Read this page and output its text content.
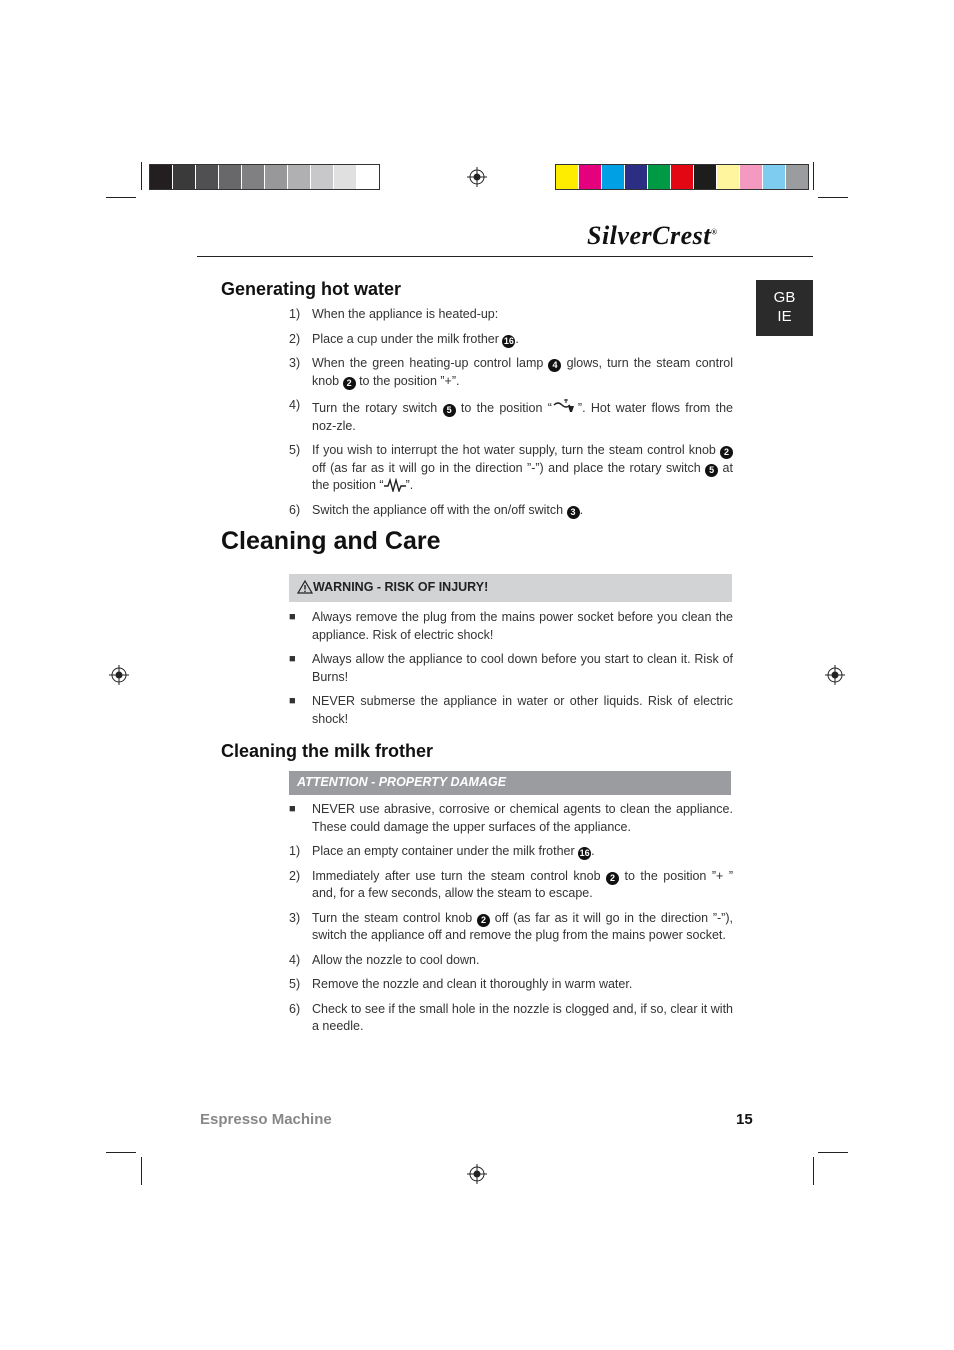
SilverCrest®
GB
IE
Generating hot water
1) When the appliance is heated-up:
2) Place a cup under the milk frother 16 .
3) When the green heating-up control lamp 4 glows, turn the steam control knob 2 to the position ”+”.
4) Turn the rotary switch 5 to the position “ ”. Hot water flows from the noz-zle.
5) If you wish to interrupt the hot water supply, turn the steam control knob 2 off (as far as it will go in the direction ”-”) and place the rotary switch 5 at the position “ ”.
6) Switch the appliance off with the on/off switch 3 .
Cleaning and Care
WARNING - RISK OF INJURY!
■	Always remove the plug from the mains power socket before you clean the appliance. Risk of electric shock!
■	Always allow the appliance to cool down before you start to clean it. Risk of Burns!
■	NEVER submerse the appliance in water or other liquids. Risk of electric shock!
Cleaning the milk frother
ATTENTION - PROPERTY DAMAGE
■	NEVER use abrasive, corrosive or chemical agents to clean the appliance. These could damage the upper surfaces of the appliance.
1) Place an empty container under the milk frother 16 .
2) Immediately after use turn the steam control knob 2 to the position ”+ ” and, for a few seconds, allow the steam to escape.
3) Turn the steam control knob 2 off (as far as it will go in the direction ”-”), switch the appliance off and remove the plug from the mains power socket.
4) Allow the nozzle to cool down.
5) Remove the nozzle and clean it thoroughly in warm water.
6) Check to see if the small hole in the nozzle is clogged and, if so, clear it with a needle.
Espresso Machine	15
